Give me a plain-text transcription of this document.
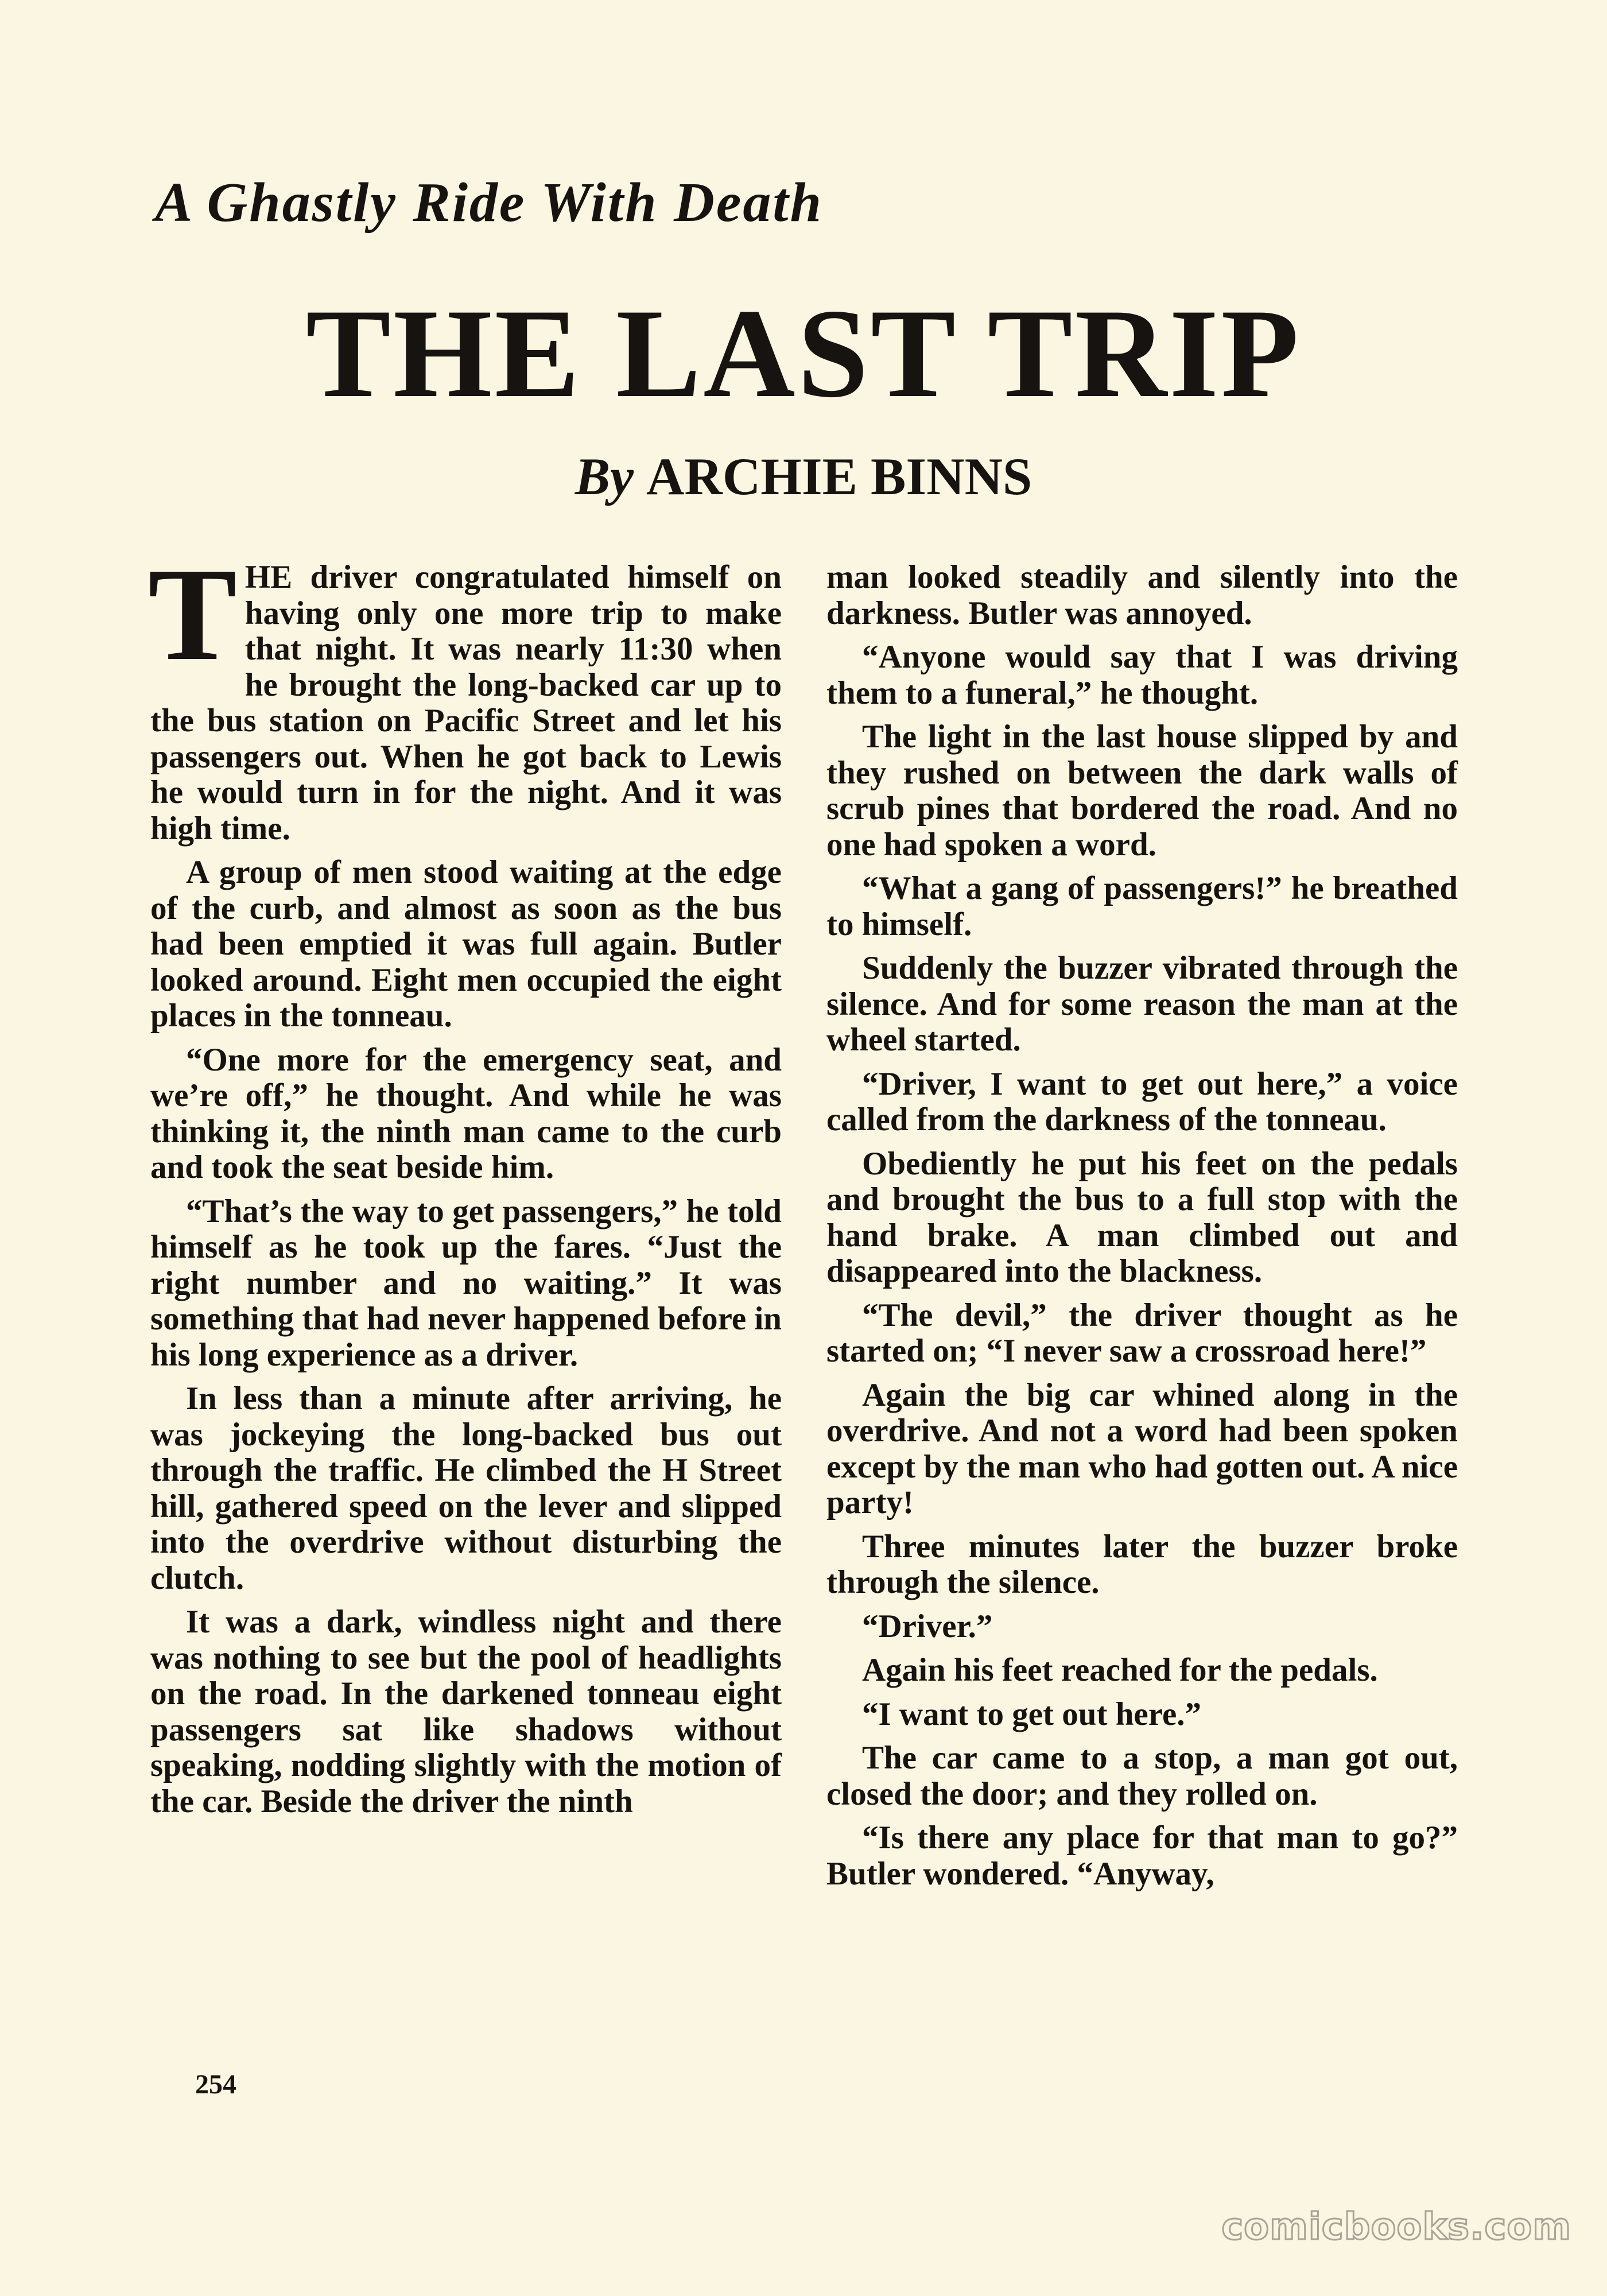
A Ghastly Ride With Death
THE LAST TRIP
By ARCHIE BINNS

THE driver congratulated himself on having only one more trip to make that night. It was nearly 11:30 when he brought the long-backed car up to the bus station on Pacific Street and let his passengers out. When he got back to Lewis he would turn in for the night. And it was high time.

A group of men stood waiting at the edge of the curb, and almost as soon as the bus had been emptied it was full again. Butler looked around. Eight men occupied the eight places in the tonneau.

“One more for the emergency seat, and we’re off,” he thought. And while he was thinking it, the ninth man came to the curb and took the seat beside him.

“That’s the way to get passengers,” he told himself as he took up the fares. “Just the right number and no waiting.” It was something that had never happened before in his long experience as a driver.

In less than a minute after arriving, he was jockeying the long-backed bus out through the traffic. He climbed the H Street hill, gathered speed on the lever and slipped into the overdrive without disturbing the clutch.

It was a dark, windless night and there was nothing to see but the pool of headlights on the road. In the darkened tonneau eight passengers sat like shadows without speaking, nodding slightly with the motion of the car. Beside the driver the ninth

man looked steadily and silently into the darkness. Butler was annoyed.

“Anyone would say that I was driving them to a funeral,” he thought.

The light in the last house slipped by and they rushed on between the dark walls of scrub pines that bordered the road. And no one had spoken a word.

“What a gang of passengers!” he breathed to himself.

Suddenly the buzzer vibrated through the silence. And for some reason the man at the wheel started.

“Driver, I want to get out here,” a voice called from the darkness of the tonneau.

Obediently he put his feet on the pedals and brought the bus to a full stop with the hand brake. A man climbed out and disappeared into the blackness.

“The devil,” the driver thought as he started on; “I never saw a crossroad here!”

Again the big car whined along in the overdrive. And not a word had been spoken except by the man who had gotten out. A nice party!

Three minutes later the buzzer broke through the silence.

“Driver.”

Again his feet reached for the pedals.

“I want to get out here.”

The car came to a stop, a man got out, closed the door; and they rolled on.

“Is there any place for that man to go?” Butler wondered. “Anyway,

254
comicbooks.com
